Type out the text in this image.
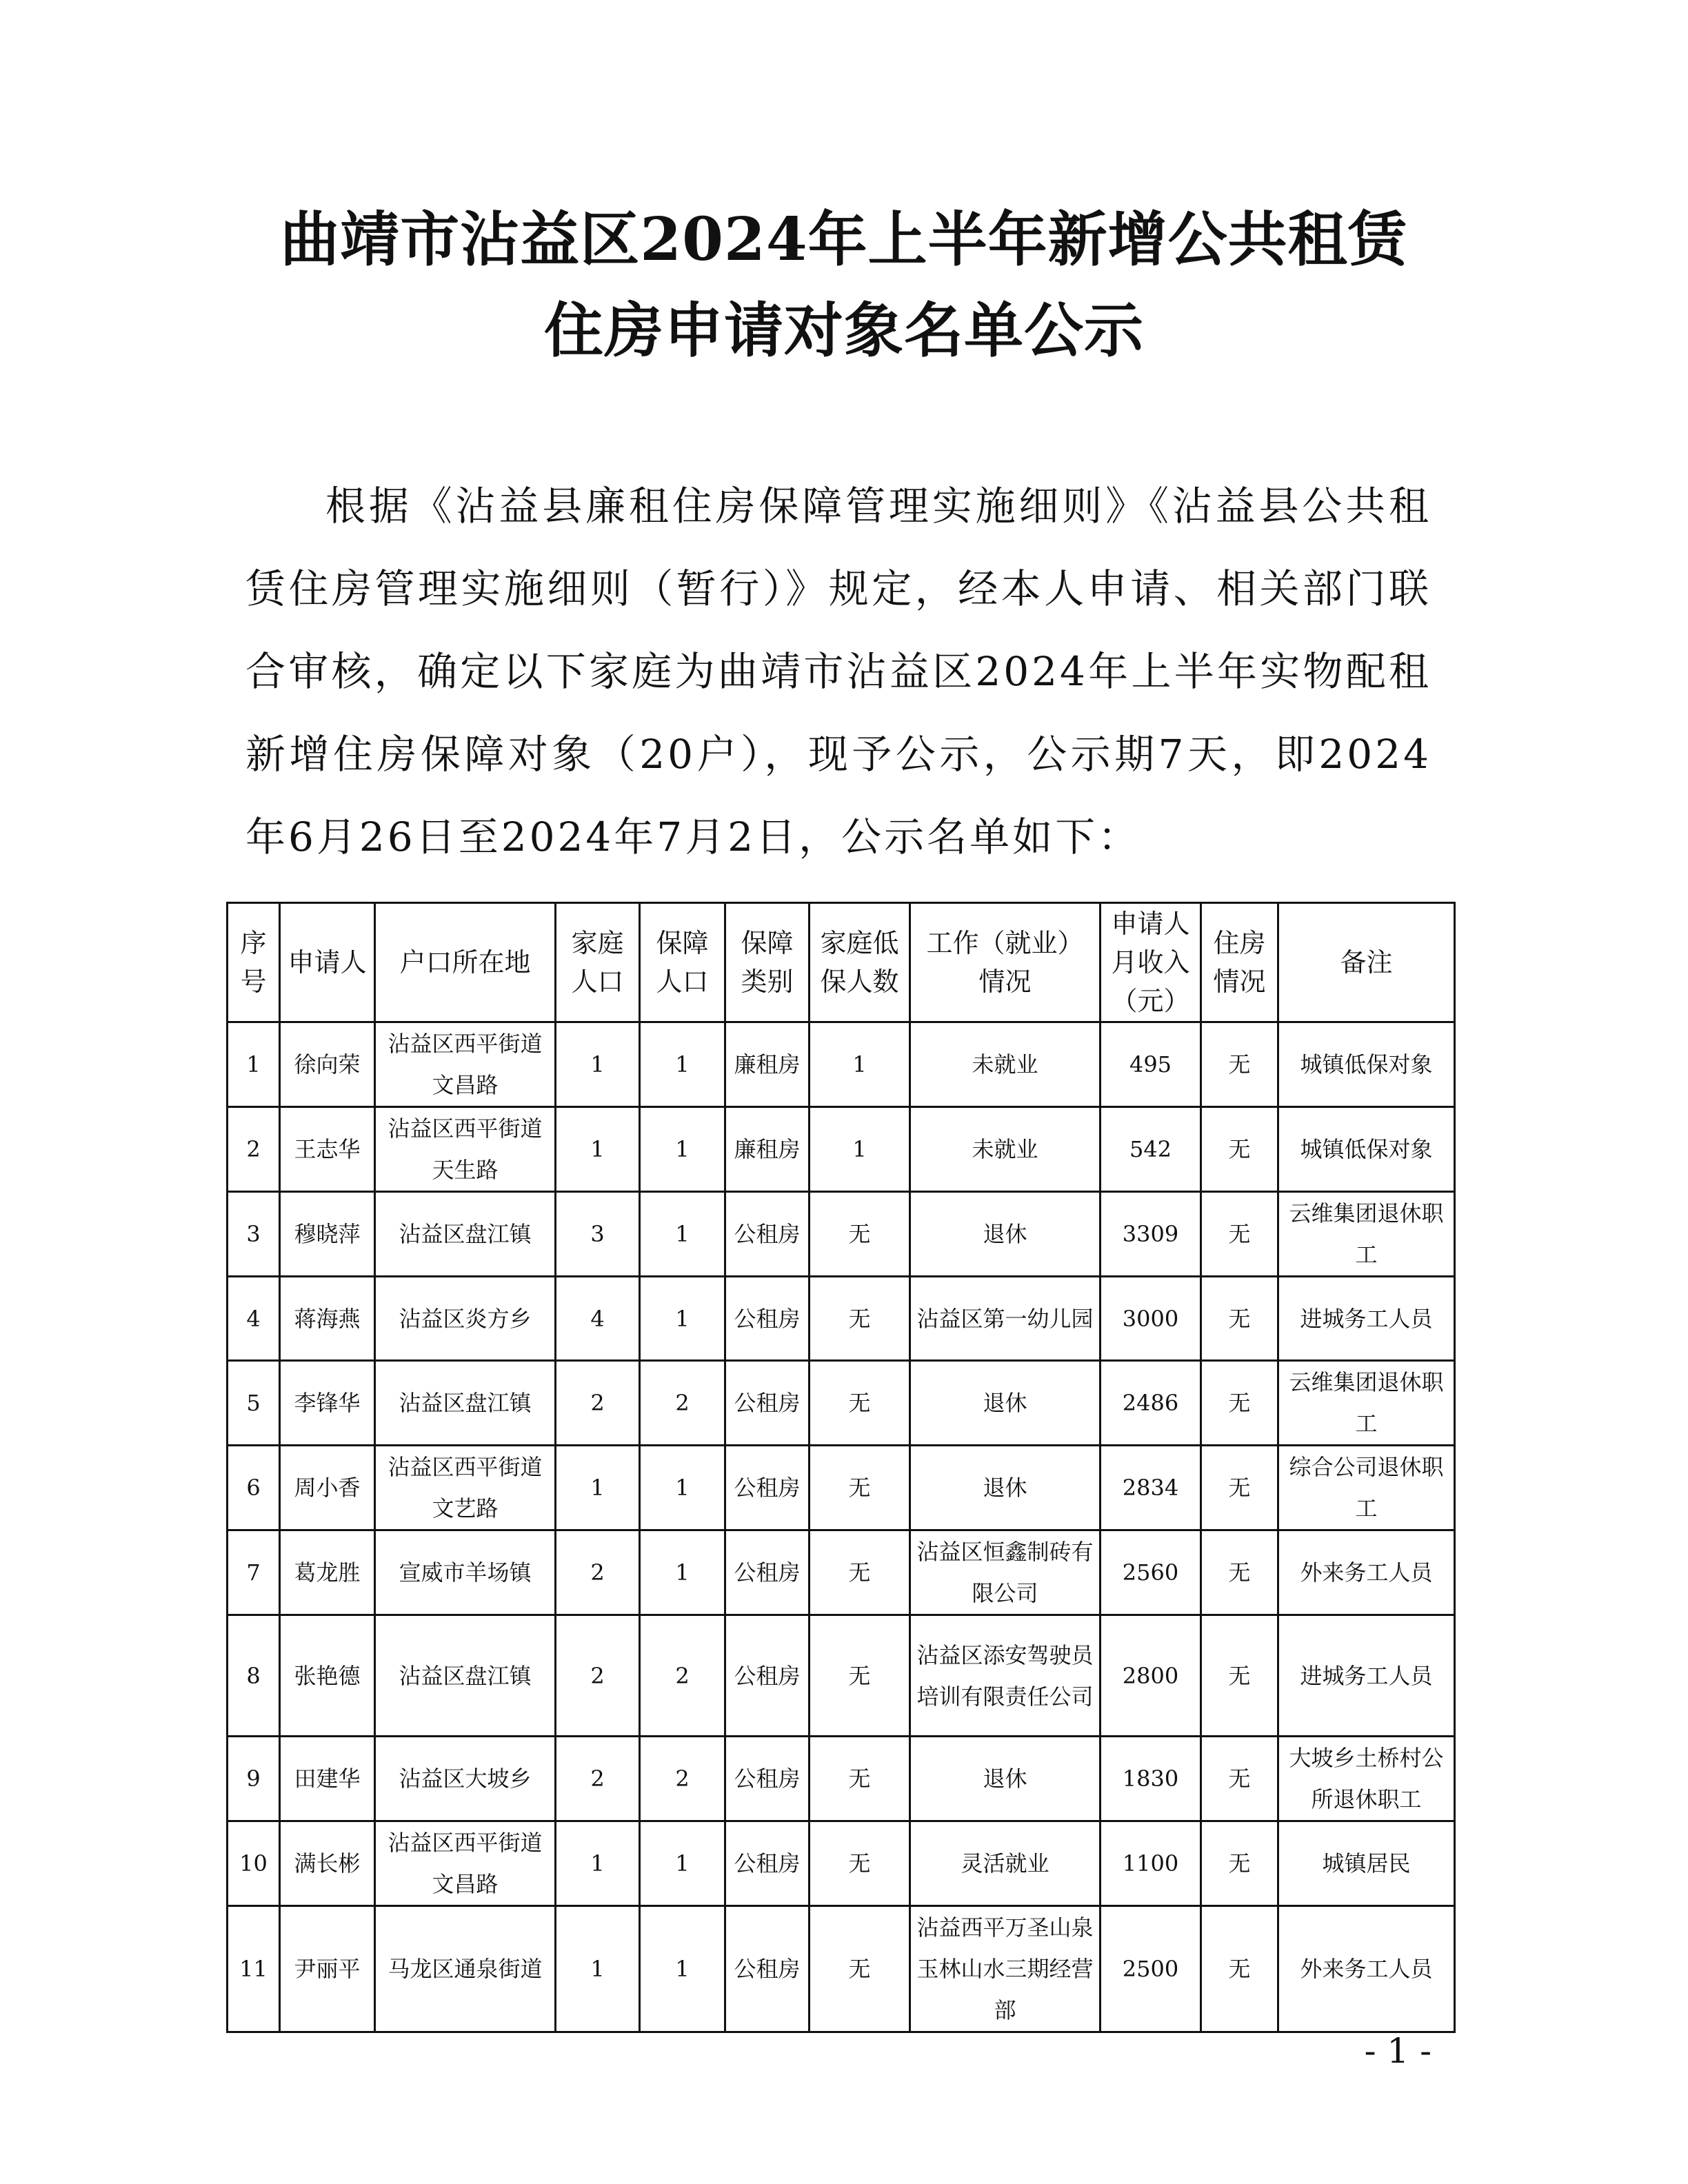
曲靖市沾益区2024年上半年新增公共租赁
住房申请对象名单公示

根据《沾益县廉租住房保障管理实施细则》《沾益县公共租赁住房管理实施细则（暂行）》规定，经本人申请、相关部门联合审核，确定以下家庭为曲靖市沾益区2024年上半年实物配租新增住房保障对象（20户），现予公示，公示期7天，即2024年6月26日至2024年7月2日，公示名单如下：

序号	申请人	户口所在地	家庭人口	保障人口	保障类别	家庭低保人数	工作（就业）情况	申请人月收入（元）	住房情况	备注
1	徐向荣	沾益区西平街道文昌路	1	1	廉租房	1	未就业	495	无	城镇低保对象
2	王志华	沾益区西平街道天生路	1	1	廉租房	1	未就业	542	无	城镇低保对象
3	穆晓萍	沾益区盘江镇	3	1	公租房	无	退休	3309	无	云维集团退休职工
4	蒋海燕	沾益区炎方乡	4	1	公租房	无	沾益区第一幼儿园	3000	无	进城务工人员
5	李锋华	沾益区盘江镇	2	2	公租房	无	退休	2486	无	云维集团退休职工
6	周小香	沾益区西平街道文艺路	1	1	公租房	无	退休	2834	无	综合公司退休职工
7	葛龙胜	宣威市羊场镇	2	1	公租房	无	沾益区恒鑫制砖有限公司	2560	无	外来务工人员
8	张艳德	沾益区盘江镇	2	2	公租房	无	沾益区添安驾驶员培训有限责任公司	2800	无	进城务工人员
9	田建华	沾益区大坡乡	2	2	公租房	无	退休	1830	无	大坡乡土桥村公所退休职工
10	满长彬	沾益区西平街道文昌路	1	1	公租房	无	灵活就业	1100	无	城镇居民
11	尹丽平	马龙区通泉街道	1	1	公租房	无	沾益西平万圣山泉玉林山水三期经营部	2500	无	外来务工人员
- 1 -
